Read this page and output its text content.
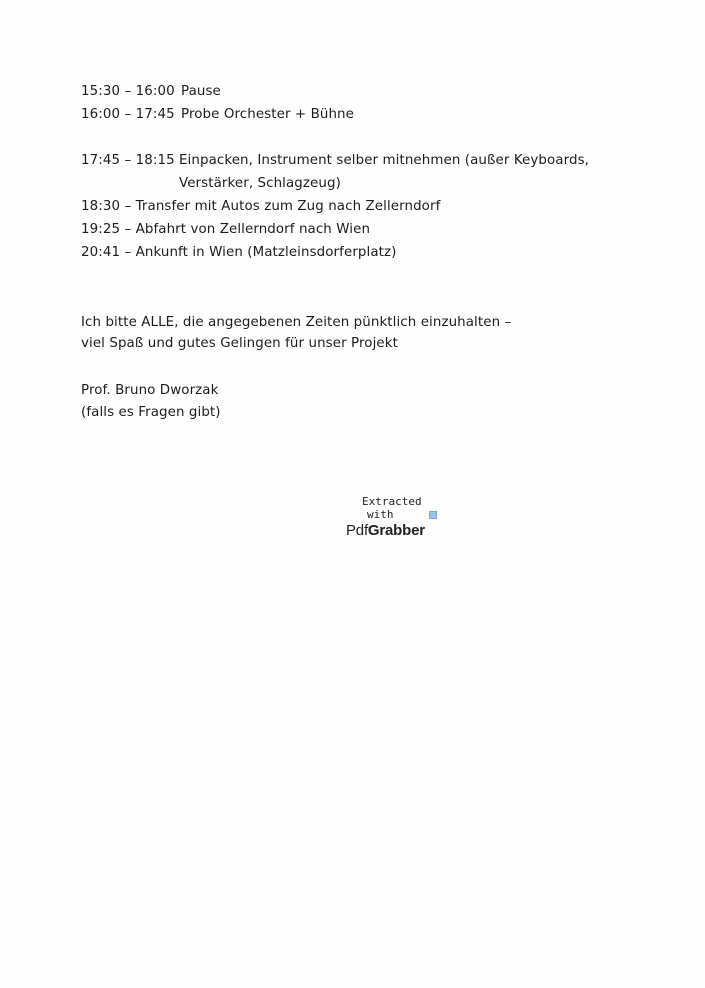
15:30 – 16:00 Pause
16:00 – 17:45 Probe Orchester + Bühne
17:45 – 18:15 Einpacken, Instrument selber mitnehmen (außer Keyboards,
Verstärker, Schlagzeug)
18:30 – Transfer mit Autos zum Zug nach Zellerndorf
19:25 – Abfahrt von Zellerndorf nach Wien
20:41 – Ankunft in Wien (Matzleinsdorferplatz)
Ich bitte ALLE, die angegebenen Zeiten pünktlich einzuhalten –
viel Spaß und gutes Gelingen für unser Projekt
Prof. Bruno Dworzak
(falls es Fragen gibt)
Extracted
with
PdfGrabber
